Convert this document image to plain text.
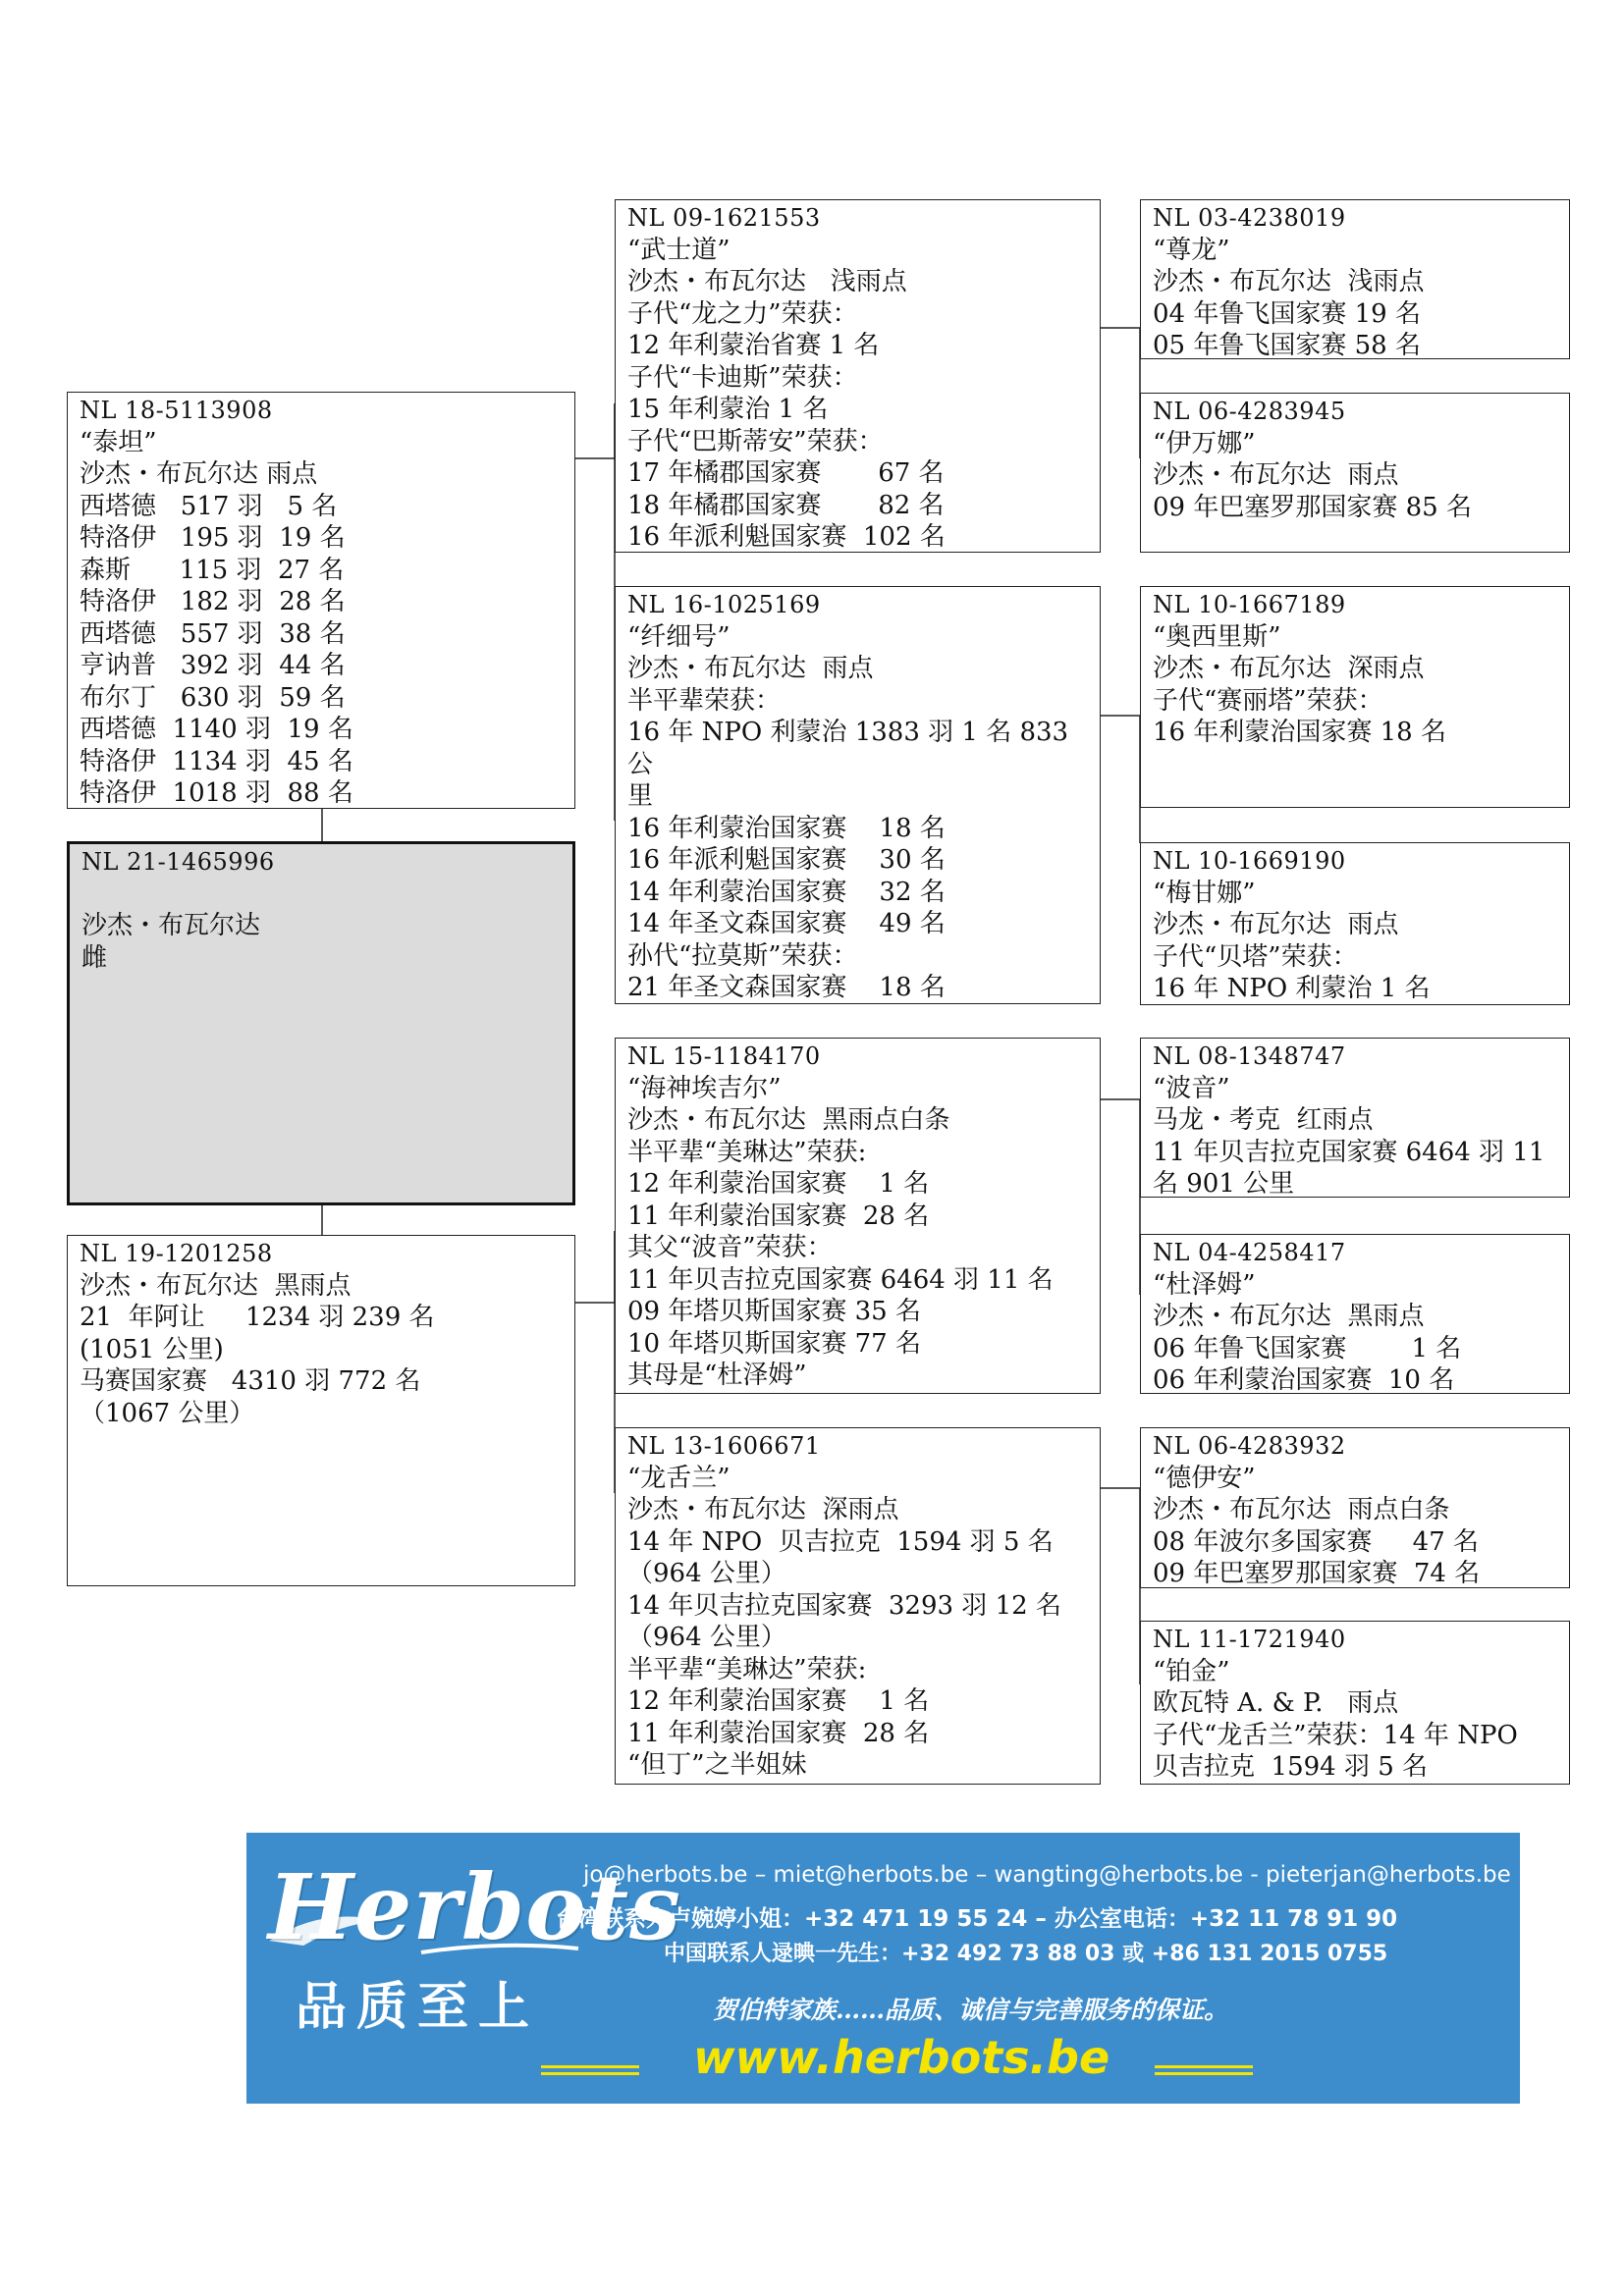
NL 18-5113908
“泰坦”
沙杰・布瓦尔达 雨点
西塔德   517 羽   5 名
特洛伊   195 羽  19 名
森斯      115 羽  27 名
特洛伊   182 羽  28 名
西塔德   557 羽  38 名
亨讷普   392 羽  44 名
布尔丁   630 羽  59 名
西塔德  1140 羽  19 名
特洛伊  1134 羽  45 名
特洛伊  1018 羽  88 名
NL 21-1465996

沙杰・布瓦尔达
雌
NL 19-1201258
沙杰・布瓦尔达  黑雨点
21  年阿让     1234 羽 239 名
(1051 公里)
马赛国家赛   4310 羽 772 名
（1067 公里）
NL 09-1621553
“武士道”
沙杰・布瓦尔达   浅雨点
子代“龙之力”荣获：
12 年利蒙治省赛 1 名
子代“卡迪斯”荣获：
15 年利蒙治 1 名
子代“巴斯蒂安”荣获：
17 年橘郡国家赛       67 名
18 年橘郡国家赛       82 名
16 年派利魁国家赛  102 名
NL 16-1025169
“纤细号”
沙杰・布瓦尔达  雨点
半平辈荣获：
16 年 NPO 利蒙治 1383 羽 1 名 833 公
里
16 年利蒙治国家赛    18 名
16 年派利魁国家赛    30 名
14 年利蒙治国家赛    32 名
14 年圣文森国家赛    49 名
孙代“拉莫斯”荣获：
21 年圣文森国家赛    18 名
NL 15-1184170
“海神埃吉尔”
沙杰・布瓦尔达  黑雨点白条
半平辈“美琳达”荣获:
12 年利蒙治国家赛    1 名
11 年利蒙治国家赛  28 名
其父“波音”荣获：
11 年贝吉拉克国家赛 6464 羽 11 名
09 年塔贝斯国家赛 35 名
10 年塔贝斯国家赛 77 名
其母是“杜泽姆”
NL 13-1606671
“龙舌兰”
沙杰・布瓦尔达  深雨点
14 年 NPO  贝吉拉克  1594 羽 5 名
（964 公里）
14 年贝吉拉克国家赛  3293 羽 12 名
（964 公里）
半平辈“美琳达”荣获:
12 年利蒙治国家赛    1 名
11 年利蒙治国家赛  28 名
“但丁”之半姐妹
NL 03-4238019
“尊龙”
沙杰・布瓦尔达  浅雨点
04 年鲁飞国家赛 19 名
05 年鲁飞国家赛 58 名
NL 06-4283945
“伊万娜”
沙杰・布瓦尔达  雨点
09 年巴塞罗那国家赛 85 名
NL 10-1667189
“奥西里斯”
沙杰・布瓦尔达  深雨点
子代“赛丽塔”荣获：
16 年利蒙治国家赛 18 名
NL 10-1669190
“梅甘娜”
沙杰・布瓦尔达  雨点
子代“贝塔”荣获：
16 年 NPO 利蒙治 1 名
NL 08-1348747
“波音”
马龙・考克  红雨点
11 年贝吉拉克国家赛 6464 羽 11
名 901 公里
NL 04-4258417
“杜泽姆”
沙杰・布瓦尔达  黑雨点
06 年鲁飞国家赛        1 名
06 年利蒙治国家赛  10 名
NL 06-4283932
“德伊安”
沙杰・布瓦尔达  雨点白条
08 年波尔多国家赛     47 名
09 年巴塞罗那国家赛  74 名
NL 11-1721940
“铂金”
欧瓦特 A. & P.   雨点
子代“龙舌兰”荣获：14 年 NPO
贝吉拉克  1594 羽 5 名
Herbots
品质至上
jo@herbots.be – miet@herbots.be – wangting@herbots.be - pieterjan@herbots.be
台湾联系人卢婉婷小姐：+32 471 19 55 24 – 办公室电话：+32 11 78 91 90
中国联系人逯晪一先生：+32 492 73 88 03 或 +86 131 2015 0755
贺伯特家族……品质、诚信与完善服务的保证。
www.herbots.be
